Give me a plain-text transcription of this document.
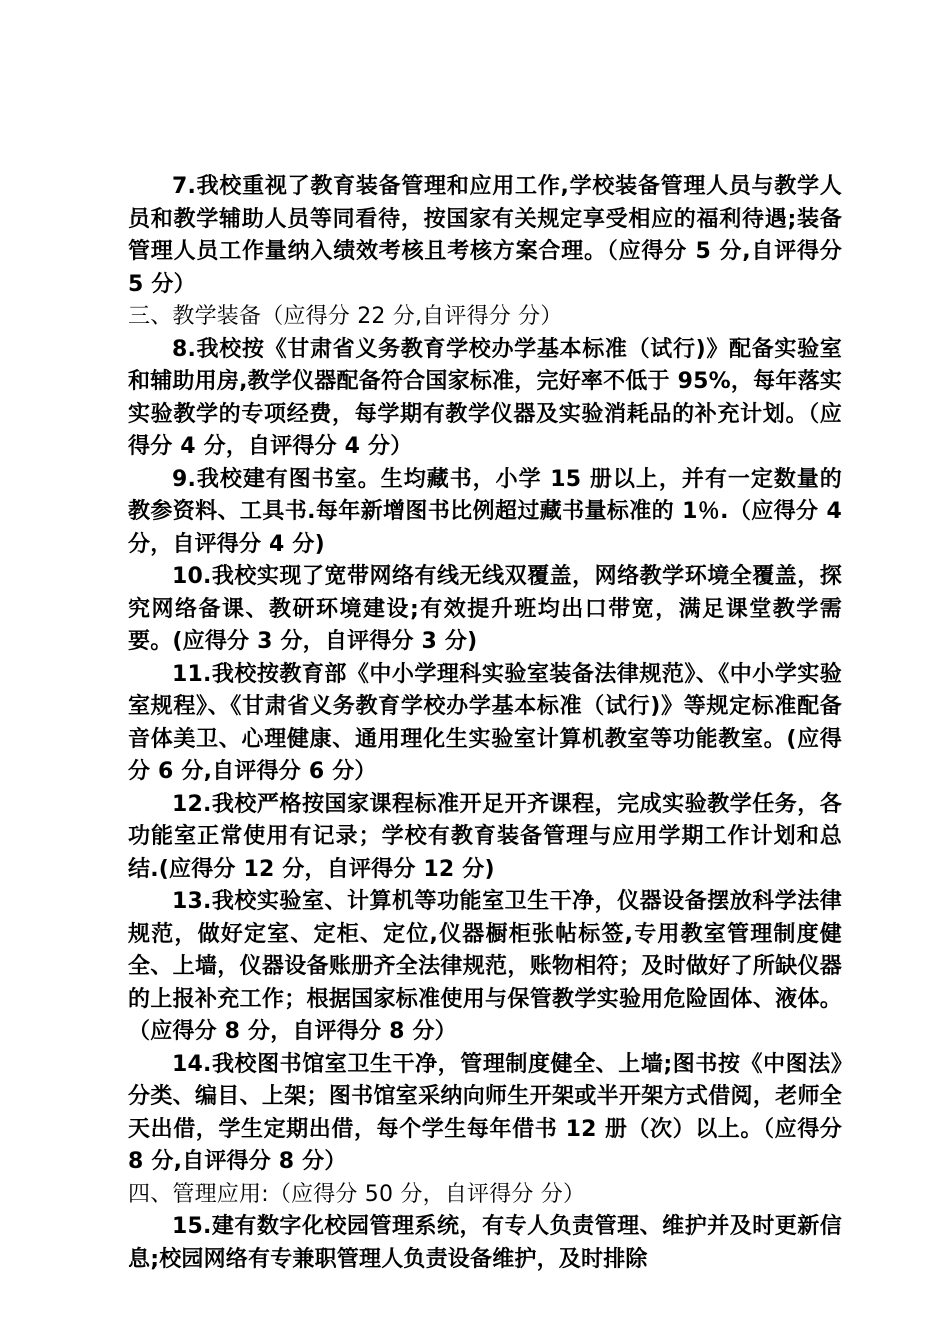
7.我校重视了教育装备管理和应用工作,学校装备管理人员与教学人员和教学辅助人员等同看待，按国家有关规定享受相应的福利待遇;装备管理人员工作量纳入绩效考核且考核方案合理。（应得分 5 分,自评得分 5 分）

三、教学装备（应得分 22 分,自评得分 分）

8.我校按《甘肃省义务教育学校办学基本标准（试行)》配备实验室和辅助用房,教学仪器配备符合国家标准，完好率不低于 95%，每年落实实验教学的专项经费，每学期有教学仪器及实验消耗品的补充计划。（应得分 4 分，自评得分 4 分）

9.我校建有图书室。生均藏书，小学 15 册以上，并有一定数量的教参资料、工具书.每年新增图书比例超过藏书量标准的 1％.（应得分 4 分，自评得分 4 分)

10.我校实现了宽带网络有线无线双覆盖，网络教学环境全覆盖，探究网络备课、教研环境建设;有效提升班均出口带宽，满足课堂教学需要。(应得分 3 分，自评得分 3 分)

11.我校按教育部《中小学理科实验室装备法律规范》、《中小学实验室规程》、《甘肃省义务教育学校办学基本标准（试行)》等规定标准配备音体美卫、心理健康、通用理化生实验室计算机教室等功能教室。(应得分 6 分,自评得分 6 分）

12.我校严格按国家课程标准开足开齐课程，完成实验教学任务，各功能室正常使用有记录；学校有教育装备管理与应用学期工作计划和总结.(应得分 12 分，自评得分 12 分)

13.我校实验室、计算机等功能室卫生干净，仪器设备摆放科学法律规范，做好定室、定柜、定位,仪器橱柜张帖标签,专用教室管理制度健全、上墙，仪器设备账册齐全法律规范，账物相符；及时做好了所缺仪器的上报补充工作；根据国家标准使用与保管教学实验用危险固体、液体。（应得分 8 分，自评得分 8 分）

14.我校图书馆室卫生干净，管理制度健全、上墙;图书按《中图法》分类、编目、上架；图书馆室采纳向师生开架或半开架方式借阅，老师全天出借，学生定期出借，每个学生每年借书 12 册（次）以上。（应得分 8 分,自评得分 8 分）

四、管理应用:（应得分 50 分，自评得分 分）

15.建有数字化校园管理系统，有专人负责管理、维护并及时更新信息;校园网络有专兼职管理人负责设备维护，及时排除
